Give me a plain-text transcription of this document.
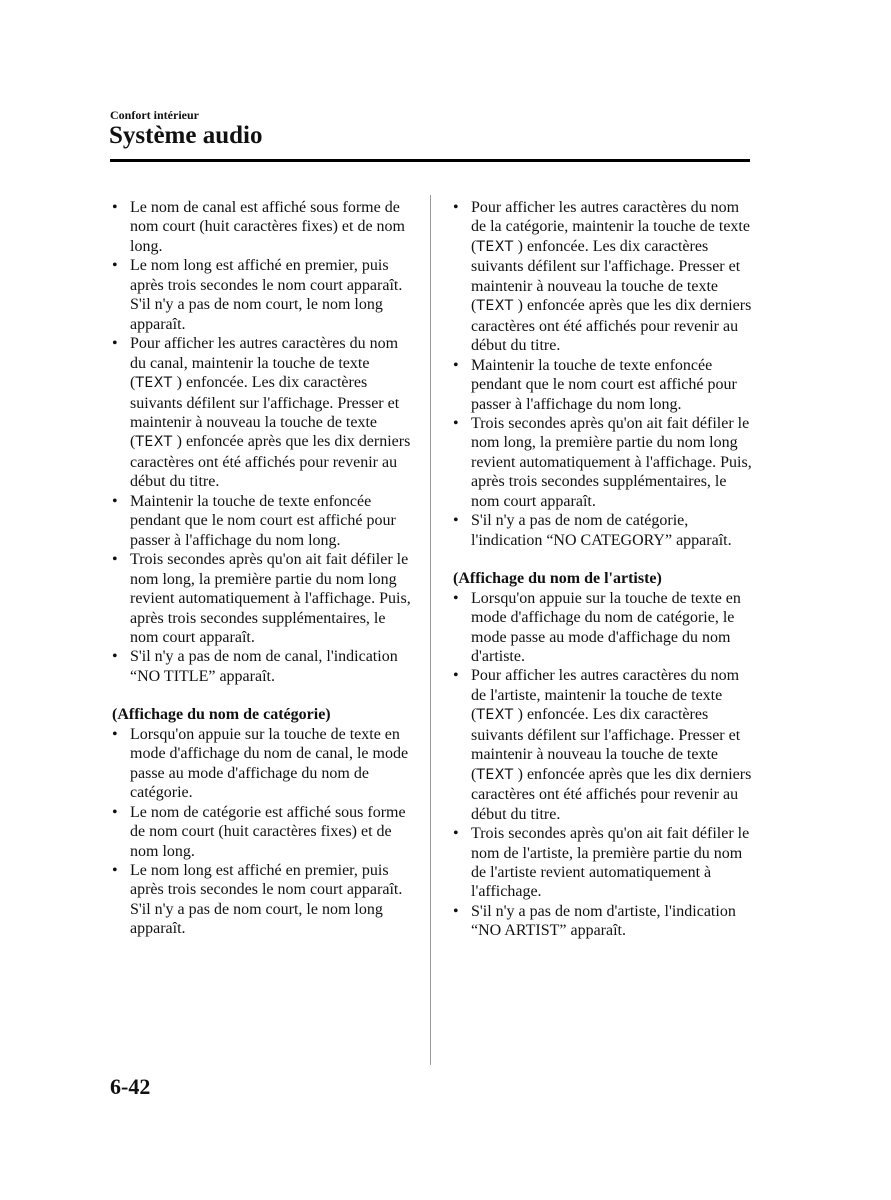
Confort intérieur
Système audio
• Le nom de canal est affiché sous forme de nom court (huit caractères fixes) et de nom long.
• Le nom long est affiché en premier, puis après trois secondes le nom court apparaît. S'il n'y a pas de nom court, le nom long apparaît.
• Pour afficher les autres caractères du nom du canal, maintenir la touche de texte (TEXT ) enfoncée. Les dix caractères suivants défilent sur l'affichage. Presser et maintenir à nouveau la touche de texte (TEXT ) enfoncée après que les dix derniers caractères ont été affichés pour revenir au début du titre.
• Maintenir la touche de texte enfoncée pendant que le nom court est affiché pour passer à l'affichage du nom long.
• Trois secondes après qu'on ait fait défiler le nom long, la première partie du nom long revient automatiquement à l'affichage. Puis, après trois secondes supplémentaires, le nom court apparaît.
• S'il n'y a pas de nom de canal, l'indication “NO TITLE” apparaît.
(Affichage du nom de catégorie)
• Lorsqu'on appuie sur la touche de texte en mode d'affichage du nom de canal, le mode passe au mode d'affichage du nom de catégorie.
• Le nom de catégorie est affiché sous forme de nom court (huit caractères fixes) et de nom long.
• Le nom long est affiché en premier, puis après trois secondes le nom court apparaît. S'il n'y a pas de nom court, le nom long apparaît.
• Pour afficher les autres caractères du nom de la catégorie, maintenir la touche de texte (TEXT ) enfoncée. Les dix caractères suivants défilent sur l'affichage. Presser et maintenir à nouveau la touche de texte (TEXT ) enfoncée après que les dix derniers caractères ont été affichés pour revenir au début du titre.
• Maintenir la touche de texte enfoncée pendant que le nom court est affiché pour passer à l'affichage du nom long.
• Trois secondes après qu'on ait fait défiler le nom long, la première partie du nom long revient automatiquement à l'affichage. Puis, après trois secondes supplémentaires, le nom court apparaît.
• S'il n'y a pas de nom de catégorie, l'indication “NO CATEGORY” apparaît.
(Affichage du nom de l'artiste)
• Lorsqu'on appuie sur la touche de texte en mode d'affichage du nom de catégorie, le mode passe au mode d'affichage du nom d'artiste.
• Pour afficher les autres caractères du nom de l'artiste, maintenir la touche de texte (TEXT ) enfoncée. Les dix caractères suivants défilent sur l'affichage. Presser et maintenir à nouveau la touche de texte (TEXT ) enfoncée après que les dix derniers caractères ont été affichés pour revenir au début du titre.
• Trois secondes après qu'on ait fait défiler le nom de l'artiste, la première partie du nom de l'artiste revient automatiquement à l'affichage.
• S'il n'y a pas de nom d'artiste, l'indication “NO ARTIST” apparaît.
6-42
